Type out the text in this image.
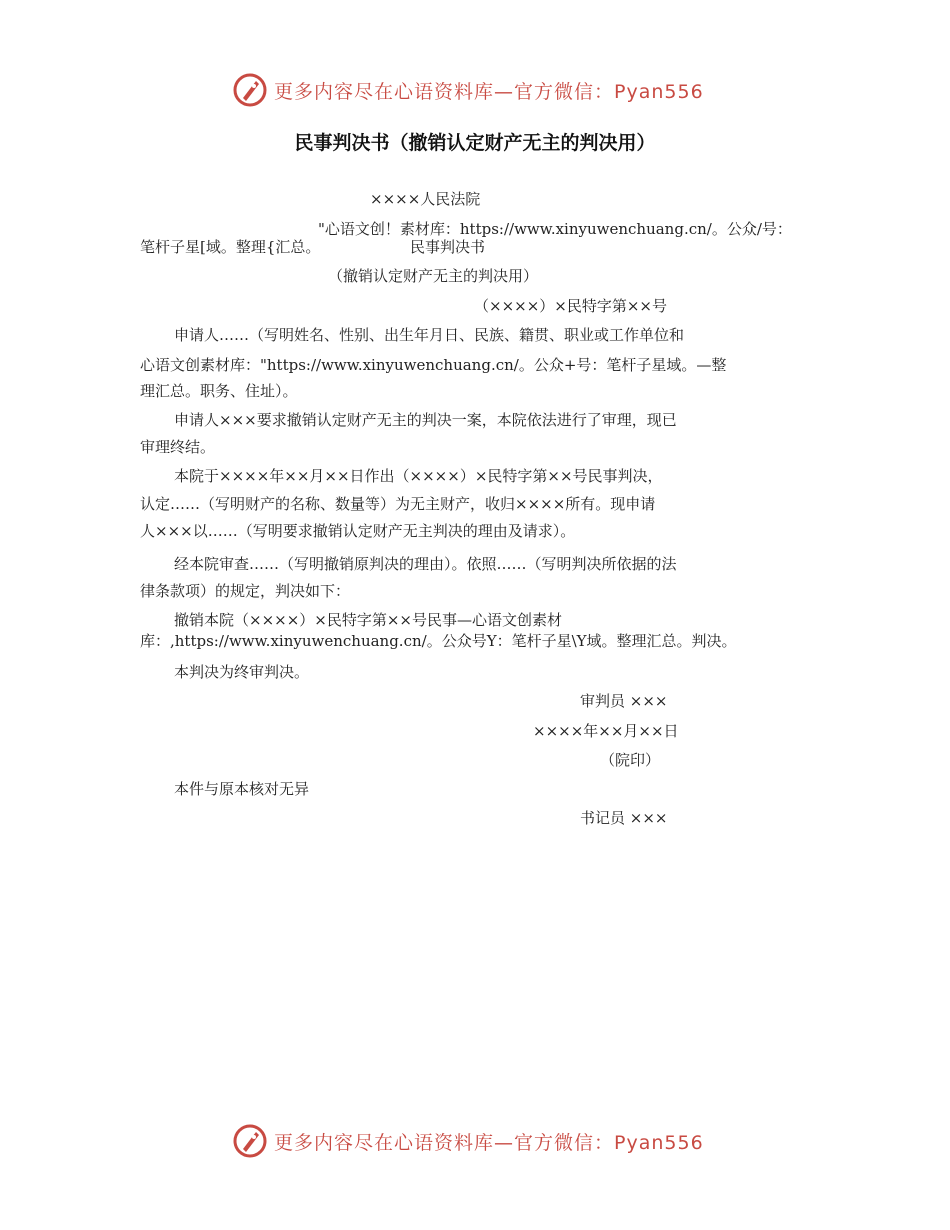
更多内容尽在心语资料库—官方微信：Pyan556
民事判决书（撤销认定财产无主的判决用）
××××人民法院
"心语文创！素材库：https://www.xinyuwenchuang.cn/。公众/号：
笔杆子星[域。整理{汇总。	民事判决书
（撤销认定财产无主的判决用）
（××××）×民特字第××号
申请人……（写明姓名、性别、出生年月日、民族、籍贯、职业或工作单位和
心语文创素材库："https://www.xinyuwenchuang.cn/。公众+号：笔杆子星域。—整
理汇总。职务、住址）。
申请人×××要求撤销认定财产无主的判决一案，本院依法进行了审理，现已
审理终结。
本院于××××年××月××日作出（××××）×民特字第××号民事判决，
认定……（写明财产的名称、数量等）为无主财产，收归××××所有。现申请
人×××以……（写明要求撤销认定财产无主判决的理由及请求）。
经本院审查……（写明撤销原判决的理由）。依照……（写明判决所依据的法
律条款项）的规定，判决如下：
撤销本院（××××）×民特字第××号民事—心语文创素材
库：,https://www.xinyuwenchuang.cn/。公众号Y：笔杆子星\Y域。整理汇总。判决。
本判决为终审判决。
审判员 ×××
××××年××月××日
（院印）
本件与原本核对无异
书记员 ×××
更多内容尽在心语资料库—官方微信：Pyan556
